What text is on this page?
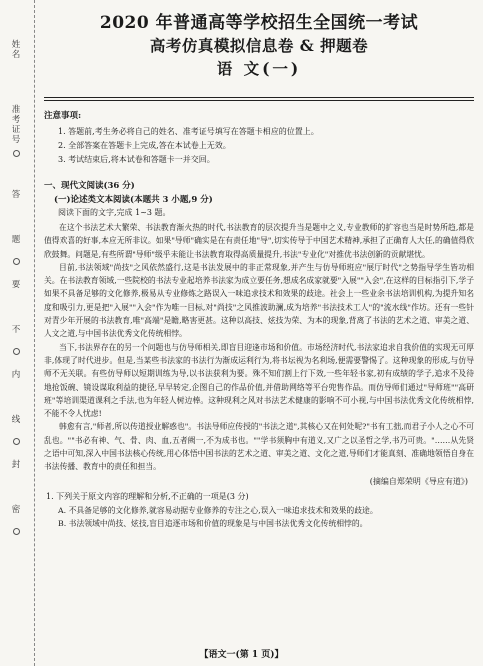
姓名
准考证号
答
题
要
不
内
线
封
密
2020 年普通高等学校招生全国统一考试
高考仿真模拟信息卷 & 押题卷
语 文(一)
注意事项:
1. 答题前,考生务必将自己的姓名、准考证号填写在答题卡相应的位置上。
2. 全部答案在答题卡上完成,答在本试卷上无效。
3. 考试结束后,将本试卷和答题卡一并交回。
一、现代文阅读(36 分)
(一)论述类文本阅读(本题共 3 小题,9 分)
阅读下面的文字,完成 1~3 题。

在这个书法艺术大繁荣、书法教育渐火热的时代,书法教育的层次提升当是题中之义,专业教师的扩容也当是时势所趋,都是值得欢喜的好事,本应无所非议。如果"导师"确实是在有责任地"导",切实传导于中国艺术精神,承担了正确育人大任,的确值得欣欣鼓舞。问题是,有些所谓"导师"级乎未能让书法教育取得高质量提升,书法"专业化"对推优书法创新的贡献堪忧。

目前,书法领域"尚技"之风依然盛行,这是书法发展中的非正常现象,并产生与仿导师班应"展厅时代"之势指导学生皆功相关。在书法教育领域,一些院校的书法专业起培养书法家为成立要任务,想成名成家就要"入展""入会",在这样的目标指引下,学子如果不具备足够的文化修养,极易从专业修炼之路误入一味追求技术和效果的歧途。社会上一些业余书法培训机构,为提升知名度和吸引力,更是把"入展""入会"作为唯一目标,对"尚技"之风推波助澜,成为培养"书法技术工人"的"流水线"作坊。还有一些针对青少年开展的书法教育,唯"高端"是瞻,略害更甚。这种以高技、炫技为荣、为本的现象,背离了书法的艺术之道、审美之道、人文之道,与中国书法优秀文化传统相悖。

当下,书法界存在的另一个问题也与仿导师相关,即盲目迎逢市场和价值。市场经济时代,书法家追求自我价值的实现无可厚非,体现了时代进步。但是,当某些书法家的书法行为渐成运利行为,将书坛视为名利场,便需要警惕了。这种现象的形成,与仿导师不无关联。有些仿导师以短期训练为导,以书法获利为要。殊不知们割上行下效,一些年轻书家,初有成绩的学子,追求不及待地抢饭碗、镜设谋取利益的捷径,早早转定,企图自己的作品价值,并借助网络等平台兜售作品。而仿导师们通过"导师班""高研班"等培训渠道课利之手法,也为年轻人树边棒。这种现利之风对书法艺术健康的影响不可小视,与中国书法优秀文化传统相悖,不能不令人忧虑!

韩愈有言,"师者,所以传道授业解惑也"。书法导师应传授的"书法之道",其核心又在何处呢?"书有工拙,而君子小人之心不可乱也。""书必有神、气、骨、肉、血,五者阙一,不为成书也。""学书须胸中有道义,又广之以圣哲之学,书乃可贵。"……从先贤之语中可知,深入中国书法核心传统,用心体悟中国书法的艺术之道、审美之道、文化之道,导师们才能真刻、准确地领悟自身在书法传播、教育中的责任和担当。

(摘编自郑荣明《导应有道》)
1. 下列关于原文内容的理解和分析,不正确的一项是(3 分)
A. 不具备足够的文化修养,就容易动据专业修养的专注之心,误入一味追求技术和效果的歧途。
B. 书法领域中尚技、炫技,盲目追逐市场和价值的现象是与中国书法优秀文化传统相悖的。
【语文一(第 1 页)】
